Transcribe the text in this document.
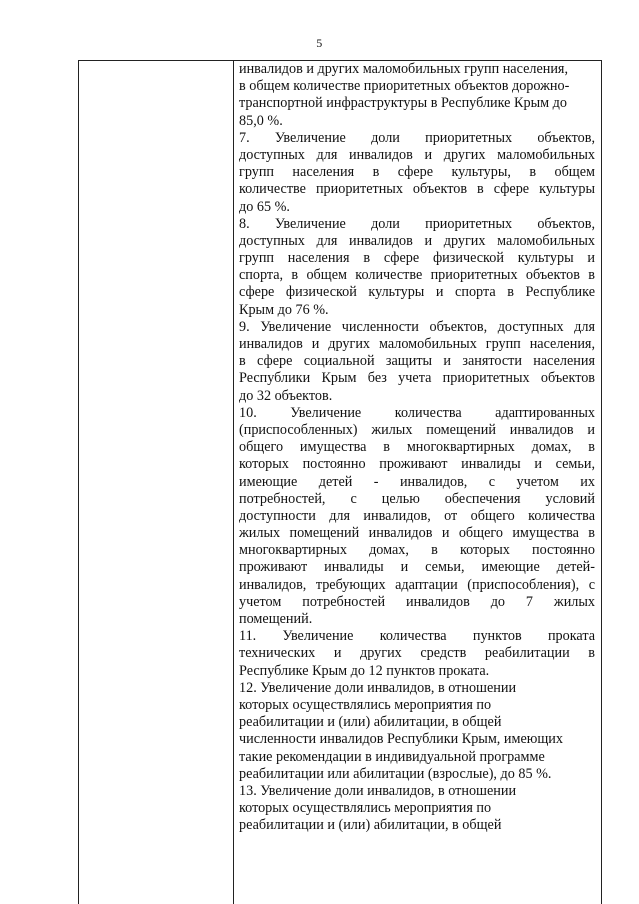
5
инвалидов и других маломобильных групп населения,
в общем количестве приоритетных объектов дорожно-
транспортной инфраструктуры в Республике Крым до
85,0 %.
7. Увеличение доли приоритетных объектов,
доступных для инвалидов и других маломобильных
групп населения в сфере культуры, в общем
количестве приоритетных объектов в сфере культуры
до 65 %.
8. Увеличение доли приоритетных объектов,
доступных для инвалидов и других маломобильных
групп населения в сфере физической культуры и
спорта, в общем количестве приоритетных объектов в
сфере физической культуры и спорта в Республике
Крым до 76 %.
9. Увеличение численности объектов, доступных для
инвалидов и других маломобильных групп населения,
в сфере социальной защиты и занятости населения
Республики Крым без учета приоритетных объектов
до 32 объектов.
10. Увеличение количества адаптированных
(приспособленных) жилых помещений инвалидов и
общего имущества в многоквартирных домах, в
которых постоянно проживают инвалиды и семьи,
имеющие детей - инвалидов, с учетом их
потребностей, с целью обеспечения условий
доступности для инвалидов, от общего количества
жилых помещений инвалидов и общего имущества в
многоквартирных домах, в которых постоянно
проживают инвалиды и семьи, имеющие детей-
инвалидов, требующих адаптации (приспособления), с
учетом потребностей инвалидов до 7 жилых
помещений.
11. Увеличение количества пунктов проката
технических и других средств реабилитации в
Республике Крым до 12 пунктов проката.
12. Увеличение доли инвалидов, в отношении
которых осуществлялись мероприятия по
реабилитации и (или) абилитации, в общей
численности инвалидов Республики Крым, имеющих
такие рекомендации в индивидуальной программе
реабилитации или абилитации (взрослые), до 85 %.
13. Увеличение доли инвалидов, в отношении
которых осуществлялись мероприятия по
реабилитации и (или) абилитации, в общей
